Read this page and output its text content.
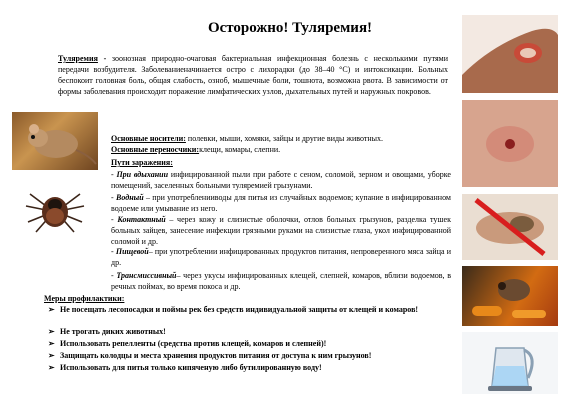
Осторожно! Туляремия!
Туляремия - зоонозная природно-очаговая бактериальная инфекционная болезнь с несколькими путями передачи возбудителя. Заболеваниеначинается остро с лихорадки (до 38–40 °C) и интоксикации. Больных беспокоит головная боль, общая слабость, озноб, мышечные боли, тошнота, возможна рвота. В зависимости от формы заболевания происходит поражение лимфатических узлов, дыхательных путей и наружных покровов.
Основные носители: полевки, мыши, хомяки, зайцы и другие виды животных.
Основные переносчики:клещи, комары, слепни.
Пути заражения:
- При вдыхании инфицированной пыли при работе с сеном, соломой, зерном и овощами, уборке помещений, заселенных больными туляремией грызунами.
- Водный – при употребленииводы для питья из случайных водоемов; купание в инфицированном водоеме или умывание из него.
- Контактный – через кожу и слизистые оболочки, отлов больных грызунов, разделка тушек больных зайцев, занесение инфекции грязными руками на слизистые глаза, укол инфицированной соломой и др.
- Пищевой– при употреблении инфицированных продуктов питания, непроверенного мяса зайца и др.
- Трансмиссивный– через укусы инфицированных клещей, слепней, комаров, вблизи водоемов, в речных поймах, во время покоса и др.
Меры профилактики:
➢ Не посещать лесопосадки и поймы рек без средств индивидуальной защиты от клещей и комаров!
➢ Не трогать диких животных!
➢ Использовать репелленты (средства против клещей, комаров и слепней)!
➢ Защищать колодцы и места хранения продуктов питания от доступа к ним грызунов!
➢ Использовать для питья только кипяченую либо бутилированную воду!
